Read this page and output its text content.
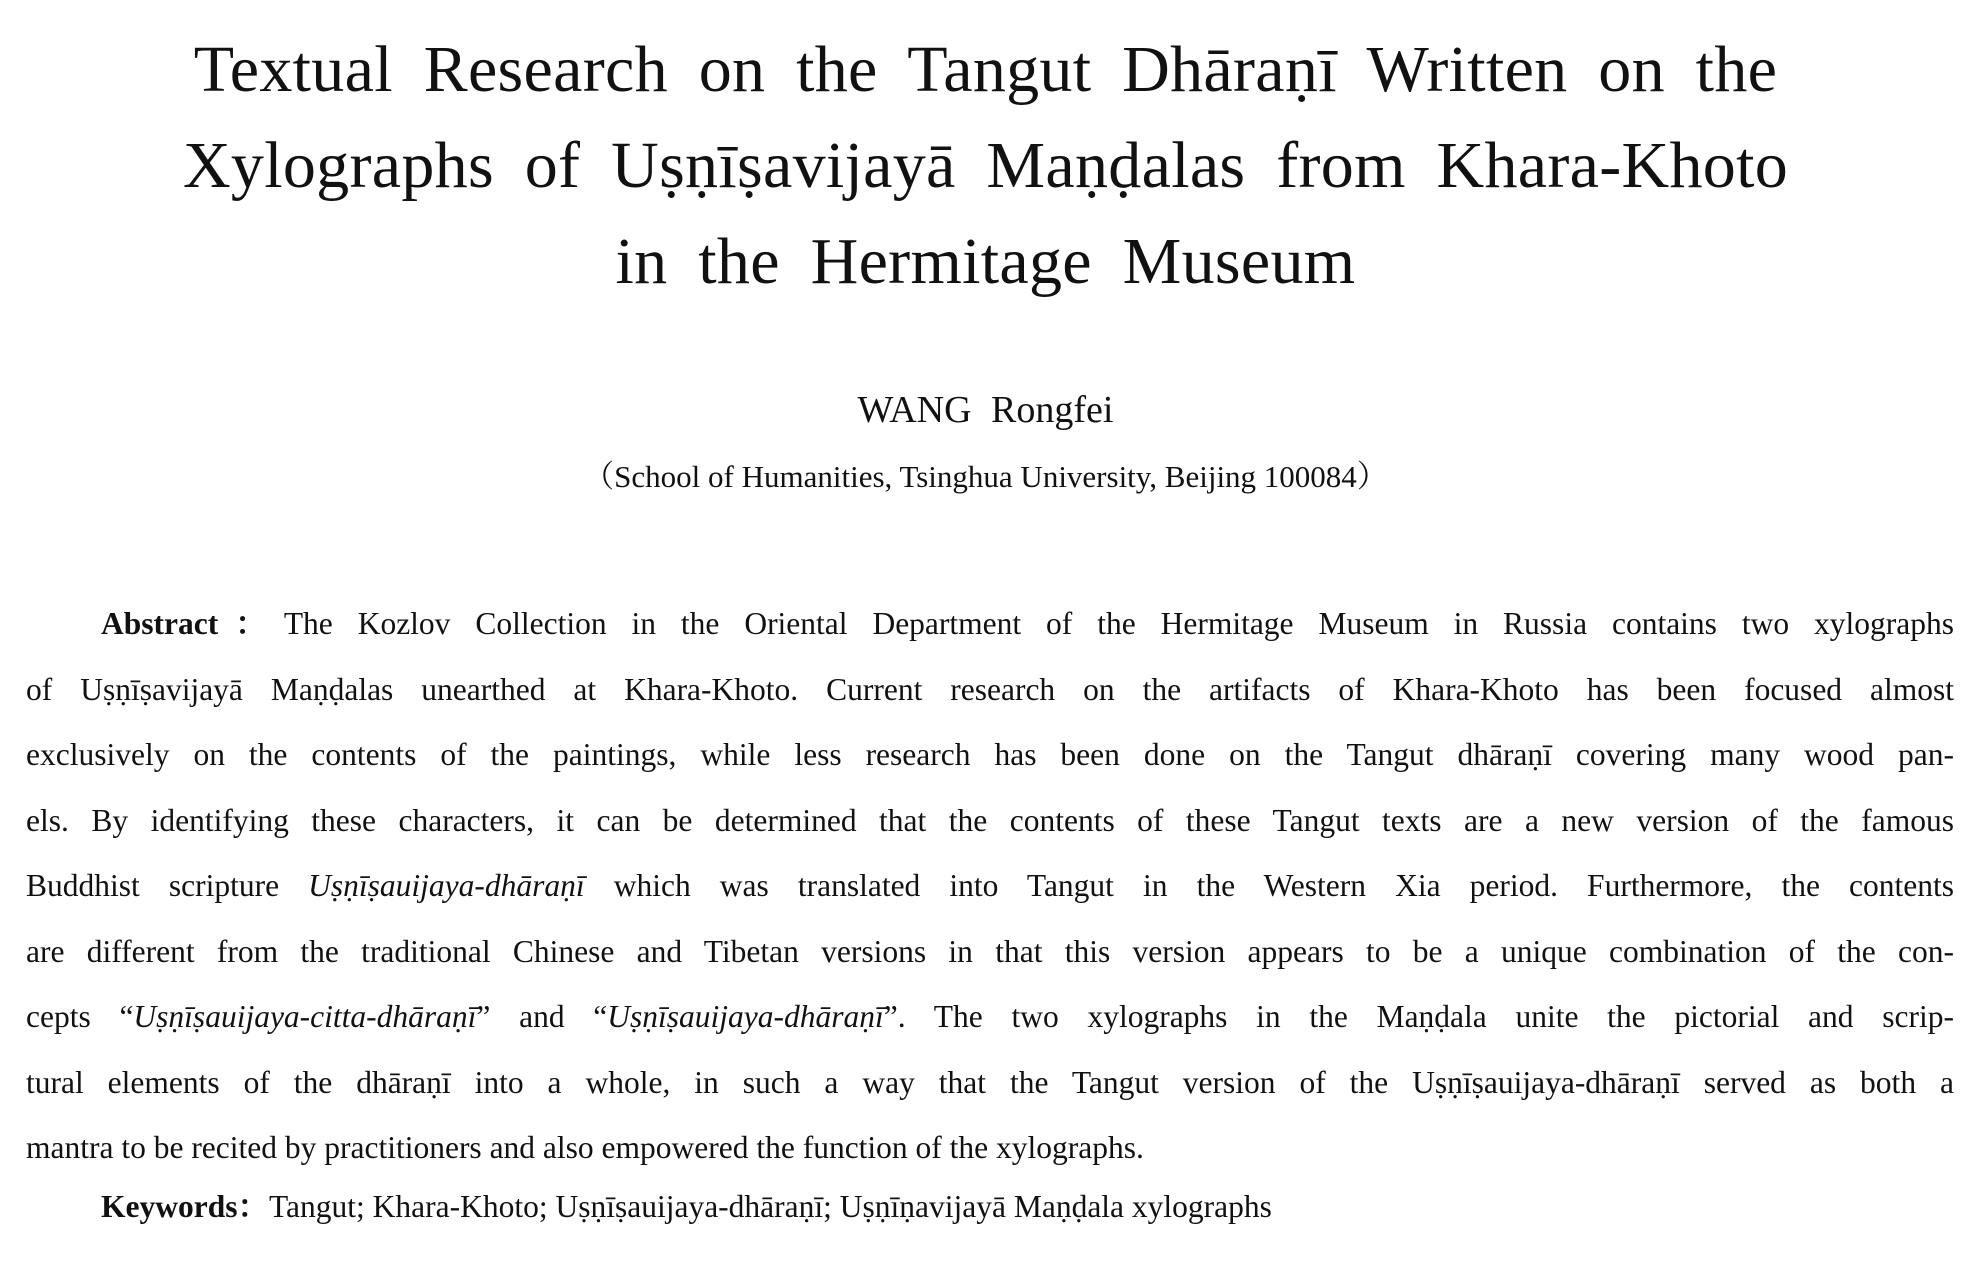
Textual Research on the Tangut Dhāraṇī Written on the
Xylographs of Uṣṇīṣavijayā Maṇḍalas from Khara-Khoto
in the Hermitage Museum
WANG Rongfei
（School of Humanities, Tsinghua University, Beijing 100084）

Abstract：The Kozlov Collection in the Oriental Department of the Hermitage Museum in Russia contains two xylographs
of Uṣṇīṣavijayā Maṇḍalas unearthed at Khara-Khoto. Current research on the artifacts of Khara-Khoto has been focused almost
exclusively on the contents of the paintings, while less research has been done on the Tangut dhāraṇī covering many wood pan-
els. By identifying these characters, it can be determined that the contents of these Tangut texts are a new version of the famous
Buddhist scripture Uṣṇīṣauijaya-dhāraṇī which was translated into Tangut in the Western Xia period. Furthermore, the contents
are different from the traditional Chinese and Tibetan versions in that this version appears to be a unique combination of the con-
cepts “Uṣṇīṣauijaya-citta-dhāraṇī” and “Uṣṇīṣauijaya-dhāraṇī”. The two xylographs in the Maṇḍala unite the pictorial and scrip-
tural elements of the dhāraṇī into a whole, in such a way that the Tangut version of the Uṣṇīṣauijaya-dhāraṇī served as both a
mantra to be recited by practitioners and also empowered the function of the xylographs.

Keywords：Tangut; Khara-Khoto; Uṣṇīṣauijaya-dhāraṇī; Uṣṇīṇavijayā Maṇḍala xylographs
